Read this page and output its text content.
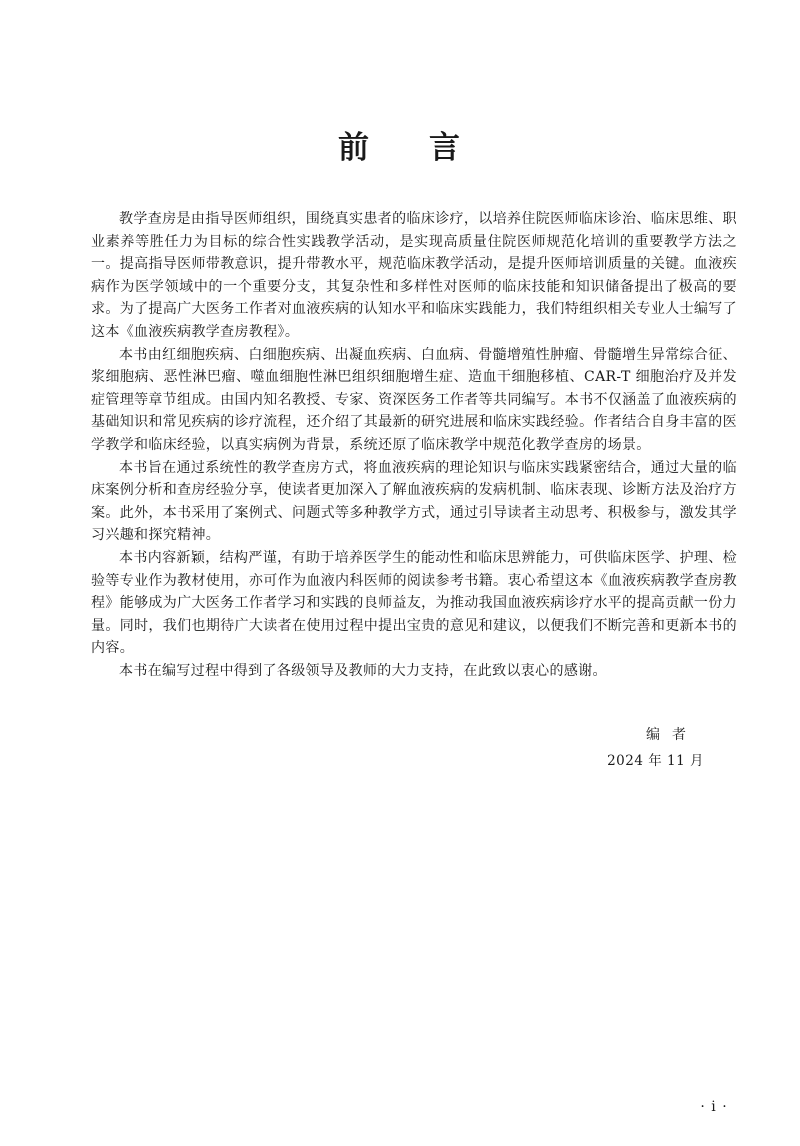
前 言

教学查房是由指导医师组织，围绕真实患者的临床诊疗，以培养住院医师临床诊治、临床思维、职业素养等胜任力为目标的综合性实践教学活动，是实现高质量住院医师规范化培训的重要教学方法之一。提高指导医师带教意识，提升带教水平，规范临床教学活动，是提升医师培训质量的关键。血液疾病作为医学领域中的一个重要分支，其复杂性和多样性对医师的临床技能和知识储备提出了极高的要求。为了提高广大医务工作者对血液疾病的认知水平和临床实践能力，我们特组织相关专业人士编写了这本《血液疾病教学查房教程》。

本书由红细胞疾病、白细胞疾病、出凝血疾病、白血病、骨髓增殖性肿瘤、骨髓增生异常综合征、浆细胞病、恶性淋巴瘤、噬血细胞性淋巴组织细胞增生症、造血干细胞移植、CAR-T 细胞治疗及并发症管理等章节组成。由国内知名教授、专家、资深医务工作者等共同编写。本书不仅涵盖了血液疾病的基础知识和常见疾病的诊疗流程，还介绍了其最新的研究进展和临床实践经验。作者结合自身丰富的医学教学和临床经验，以真实病例为背景，系统还原了临床教学中规范化教学查房的场景。

本书旨在通过系统性的教学查房方式，将血液疾病的理论知识与临床实践紧密结合，通过大量的临床案例分析和查房经验分享，使读者更加深入了解血液疾病的发病机制、临床表现、诊断方法及治疗方案。此外，本书采用了案例式、问题式等多种教学方式，通过引导读者主动思考、积极参与，激发其学习兴趣和探究精神。

本书内容新颖，结构严谨，有助于培养医学生的能动性和临床思辨能力，可供临床医学、护理、检验等专业作为教材使用，亦可作为血液内科医师的阅读参考书籍。衷心希望这本《血液疾病教学查房教程》能够成为广大医务工作者学习和实践的良师益友，为推动我国血液疾病诊疗水平的提高贡献一份力量。同时，我们也期待广大读者在使用过程中提出宝贵的意见和建议，以便我们不断完善和更新本书的内容。

本书在编写过程中得到了各级领导及教师的大力支持，在此致以衷心的感谢。

编者
2024 年 11 月
· i ·
